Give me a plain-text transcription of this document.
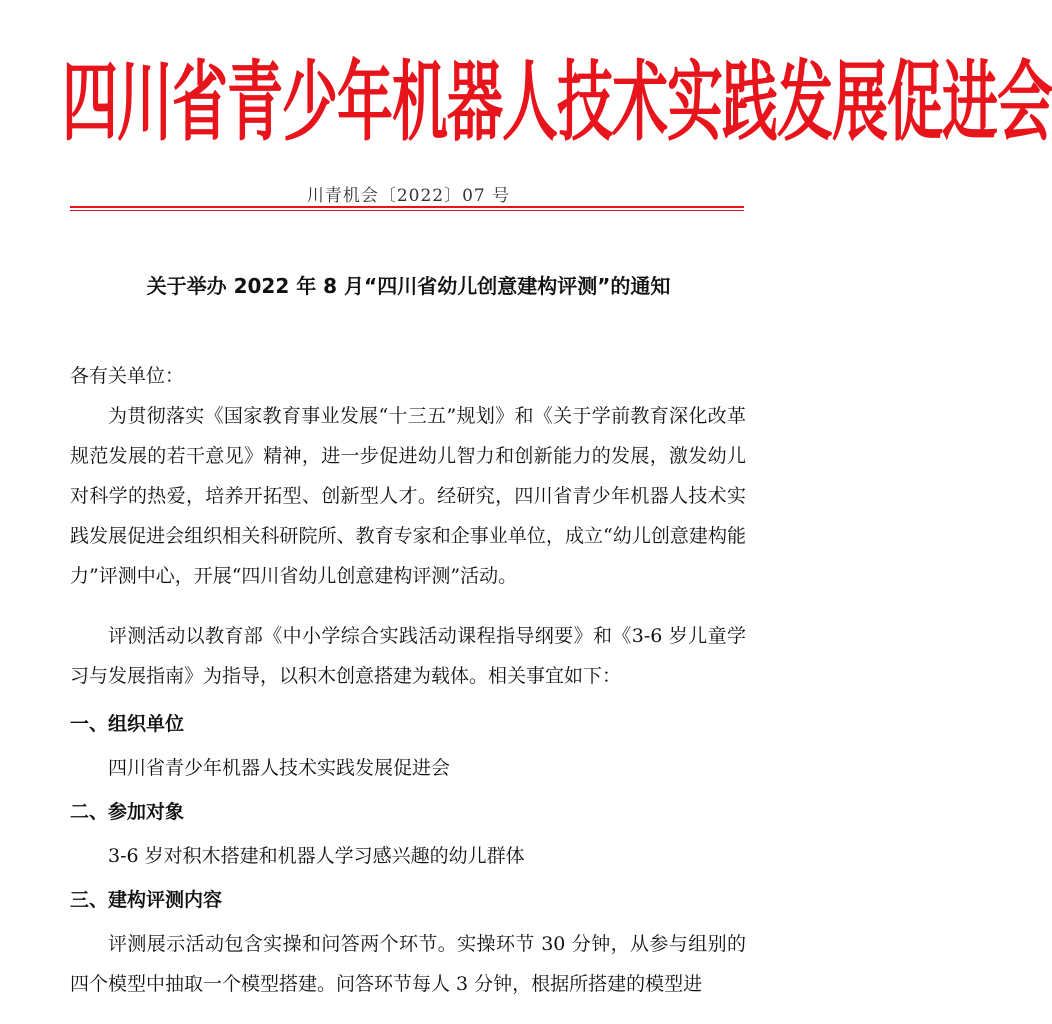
四川省青少年机器人技术实践发展促进会
川青机会〔2022〕07 号
关于举办 2022 年 8 月“四川省幼儿创意建构评测”的通知
各有关单位：
为贯彻落实《国家教育事业发展“十三五”规划》和《关于学前教育深化改革规范发展的若干意见》精神，进一步促进幼儿智力和创新能力的发展，激发幼儿对科学的热爱，培养开拓型、创新型人才。经研究，四川省青少年机器人技术实践发展促进会组织相关科研院所、教育专家和企事业单位，成立“幼儿创意建构能力”评测中心，开展“四川省幼儿创意建构评测”活动。
评测活动以教育部《中小学综合实践活动课程指导纲要》和《3-6 岁儿童学习与发展指南》为指导，以积木创意搭建为载体。相关事宜如下：
一、组织单位
四川省青少年机器人技术实践发展促进会
二、参加对象
3-6 岁对积木搭建和机器人学习感兴趣的幼儿群体
三、建构评测内容
评测展示活动包含实操和问答两个环节。实操环节 30 分钟，从参与组别的四个模型中抽取一个模型搭建。问答环节每人 3 分钟，根据所搭建的模型进
